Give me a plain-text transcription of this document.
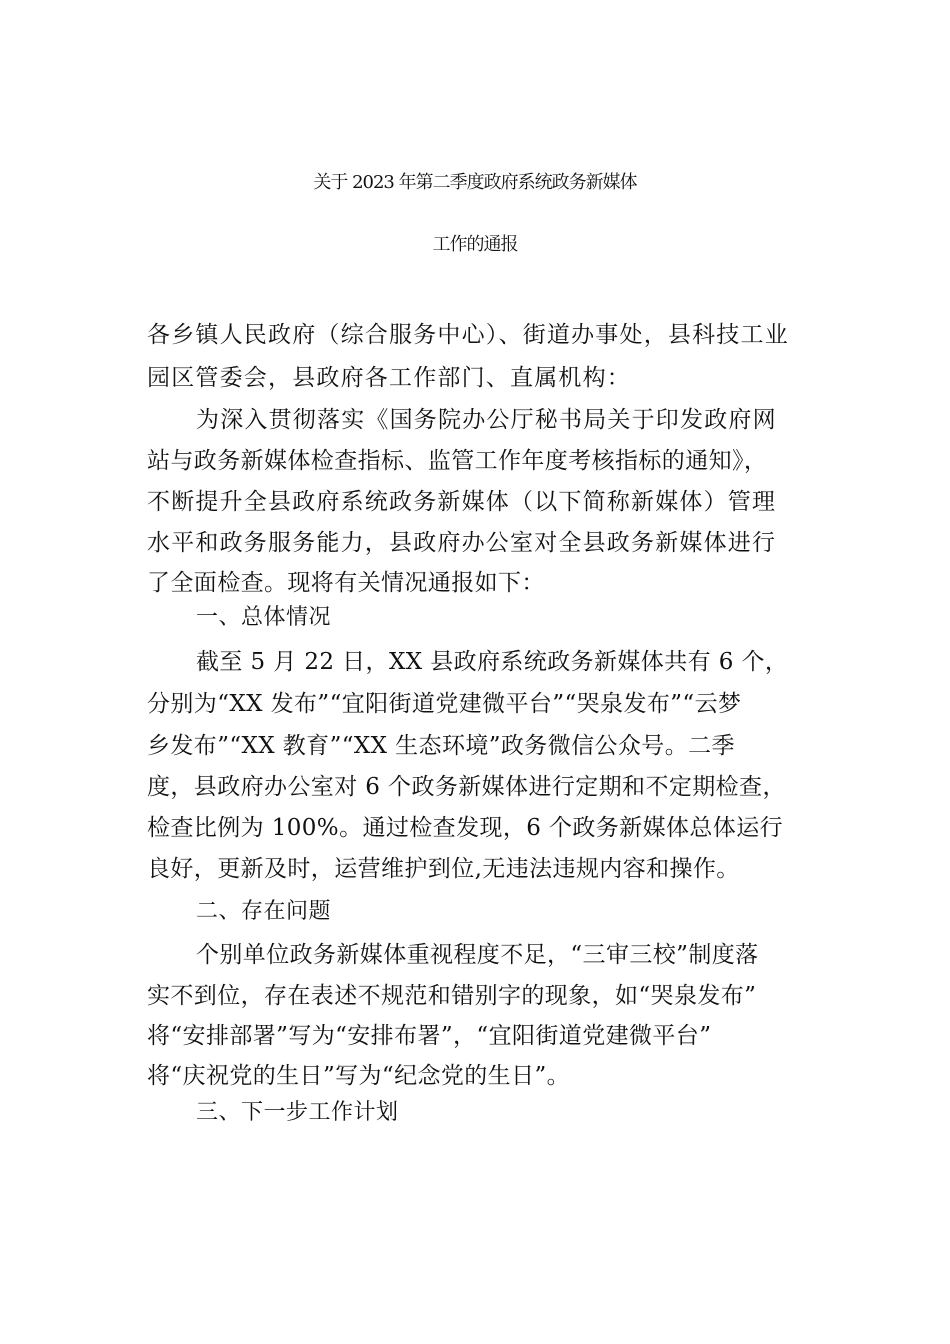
关于 2023 年第二季度政府系统政务新媒体
工作的通报
各乡镇人民政府（综合服务中心）、街道办事处，县科技工业
园区管委会，县政府各工作部门、直属机构：
为深入贯彻落实《国务院办公厅秘书局关于印发政府网
站与政务新媒体检查指标、监管工作年度考核指标的通知》，
不断提升全县政府系统政务新媒体（以下简称新媒体）管理
水平和政务服务能力，县政府办公室对全县政务新媒体进行
了全面检查。现将有关情况通报如下：
一、总体情况
截至 5 月 22 日，XX 县政府系统政务新媒体共有 6 个，
分别为“XX 发布”“宜阳街道党建微平台”“哭泉发布”“云梦
乡发布”“XX 教育”“XX 生态环境”政务微信公众号。二季
度，县政府办公室对 6 个政务新媒体进行定期和不定期检查，
检查比例为 100%。通过检查发现，6 个政务新媒体总体运行
良好，更新及时，运营维护到位,无违法违规内容和操作。
二、存在问题
个别单位政务新媒体重视程度不足，“三审三校”制度落
实不到位，存在表述不规范和错别字的现象，如“哭泉发布”
将“安排部署”写为“安排布署”，“宜阳街道党建微平台”
将“庆祝党的生日”写为“纪念党的生日”。
三、下一步工作计划
